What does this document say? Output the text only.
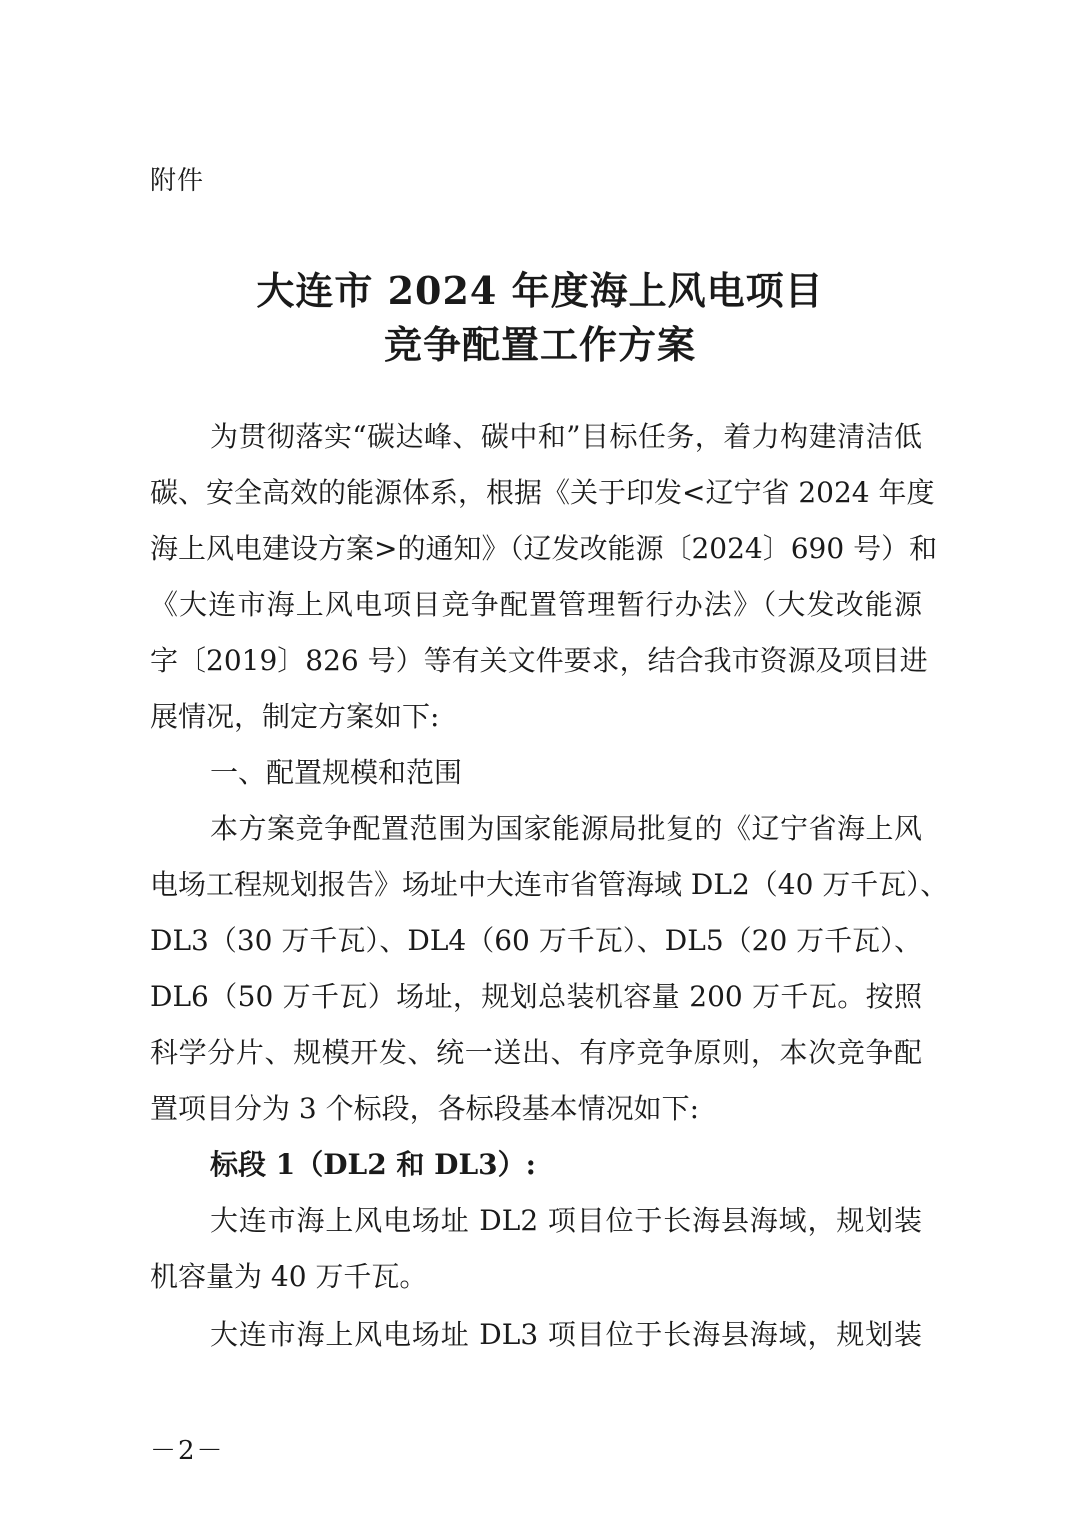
附件
大连市 2024 年度海上风电项目
竞争配置工作方案
为贯彻落实“碳达峰、碳中和”目标任务，着力构建清洁低
碳、安全高效的能源体系，根据《关于印发<辽宁省 2024 年度
海上风电建设方案>的通知》（辽发改能源〔2024〕690 号）和
《大连市海上风电项目竞争配置管理暂行办法》（大发改能源
字〔2019〕826 号）等有关文件要求，结合我市资源及项目进
展情况，制定方案如下:
一、配置规模和范围
本方案竞争配置范围为国家能源局批复的《辽宁省海上风
电场工程规划报告》场址中大连市省管海域 DL2（40 万千瓦）、
DL3（30 万千瓦）、DL4（60 万千瓦）、DL5（20 万千瓦）、
DL6（50 万千瓦）场址，规划总装机容量 200 万千瓦。按照
科学分片、规模开发、统一送出、有序竞争原则，本次竞争配
置项目分为 3 个标段，各标段基本情况如下:
标段 1（DL2 和 DL3）:
大连市海上风电场址 DL2 项目位于长海县海域，规划装
机容量为 40 万千瓦。
大连市海上风电场址 DL3 项目位于长海县海域，规划装
－2－
